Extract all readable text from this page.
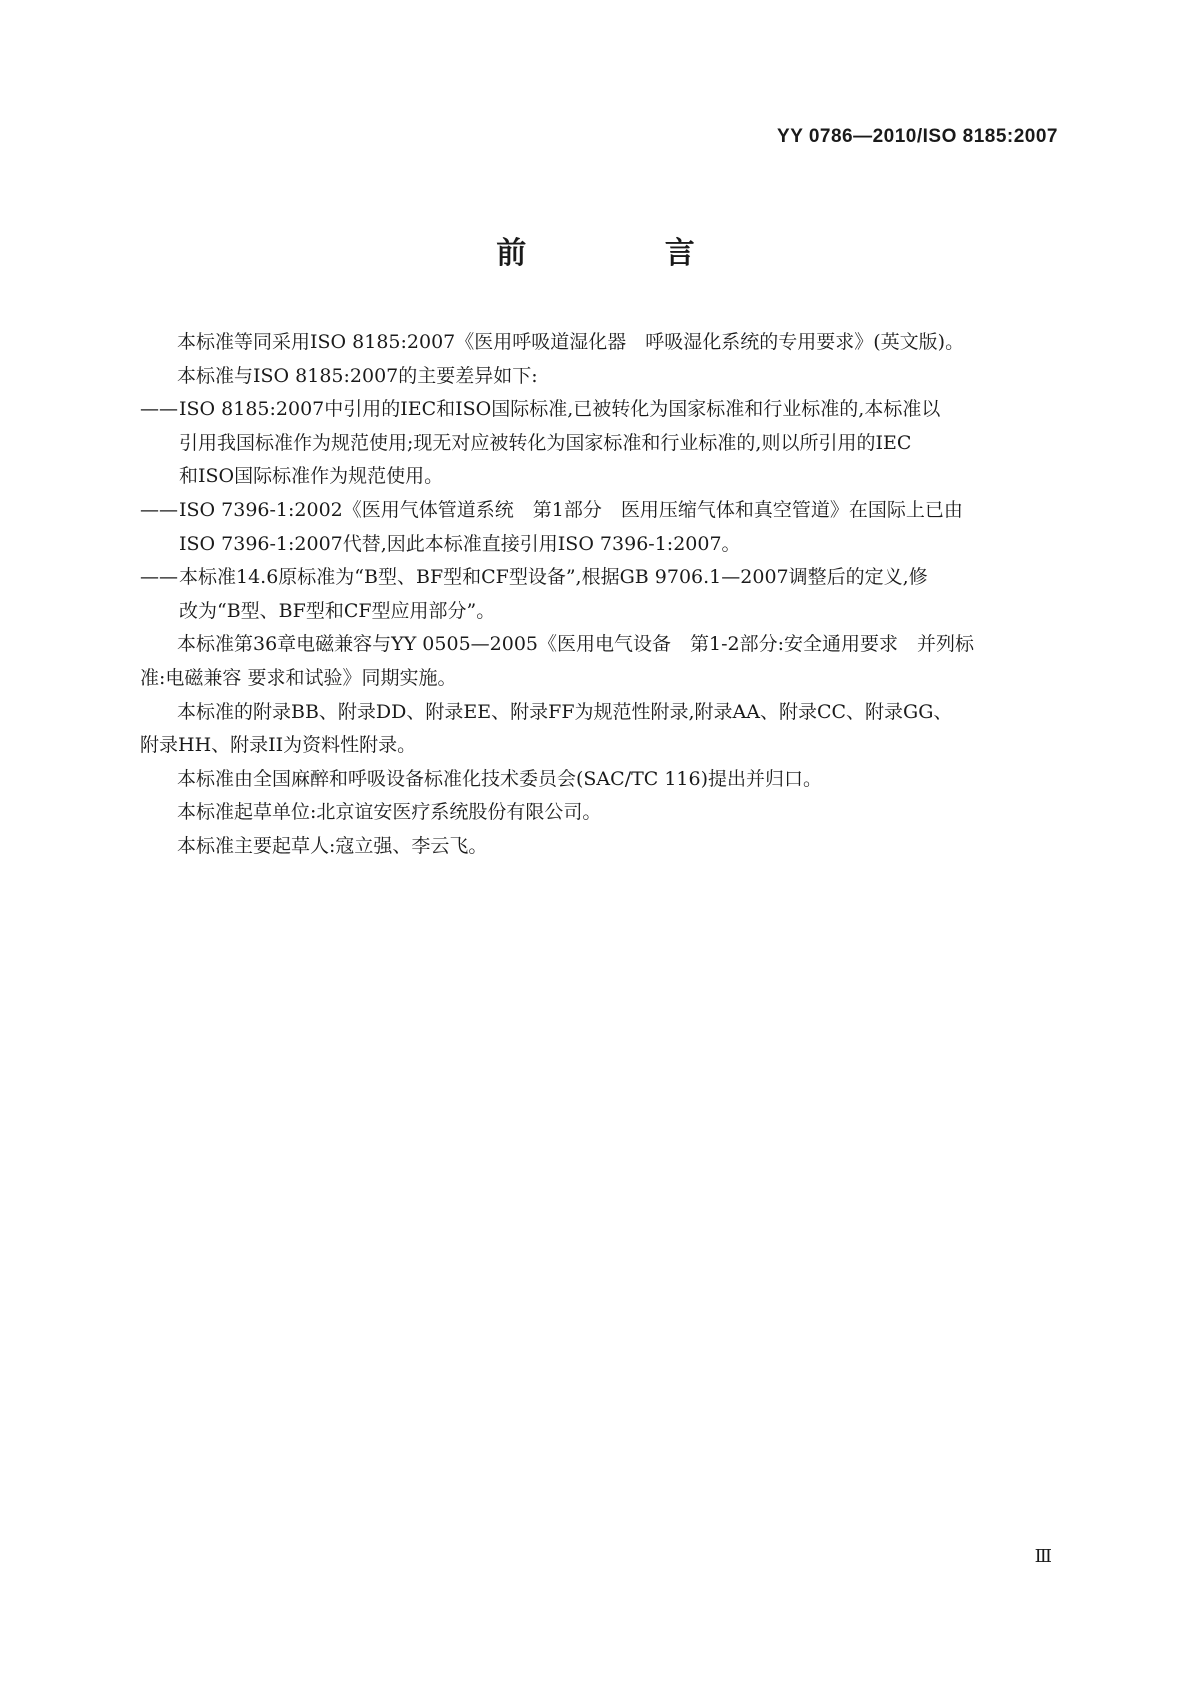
YY 0786—2010/ISO 8185:2007
前 言

本标准等同采用ISO 8185:2007《医用呼吸道湿化器　呼吸湿化系统的专用要求》(英文版)。

本标准与ISO 8185:2007的主要差异如下:

—— ISO 8185:2007中引用的IEC和ISO国际标准,已被转化为国家标准和行业标准的,本标准以
引用我国标准作为规范使用;现无对应被转化为国家标准和行业标准的,则以所引用的IEC
和ISO国际标准作为规范使用。
—— ISO 7396-1:2002《医用气体管道系统　第1部分　医用压缩气体和真空管道》在国际上已由
ISO 7396-1:2007代替,因此本标准直接引用ISO 7396-1:2007。
—— 本标准14.6原标准为“B型、BF型和CF型设备”,根据GB 9706.1—2007调整后的定义,修
改为“B型、BF型和CF型应用部分”。

本标准第36章电磁兼容与YY 0505—2005《医用电气设备　第1-2部分:安全通用要求　并列标

准:电磁兼容 要求和试验》同期实施。

本标准的附录BB、附录DD、附录EE、附录FF为规范性附录,附录AA、附录CC、附录GG、

附录HH、附录II为资料性附录。

本标准由全国麻醉和呼吸设备标准化技术委员会(SAC/TC 116)提出并归口。

本标准起草单位:北京谊安医疗系统股份有限公司。

本标准主要起草人:寇立强、李云飞。

Ⅲ
